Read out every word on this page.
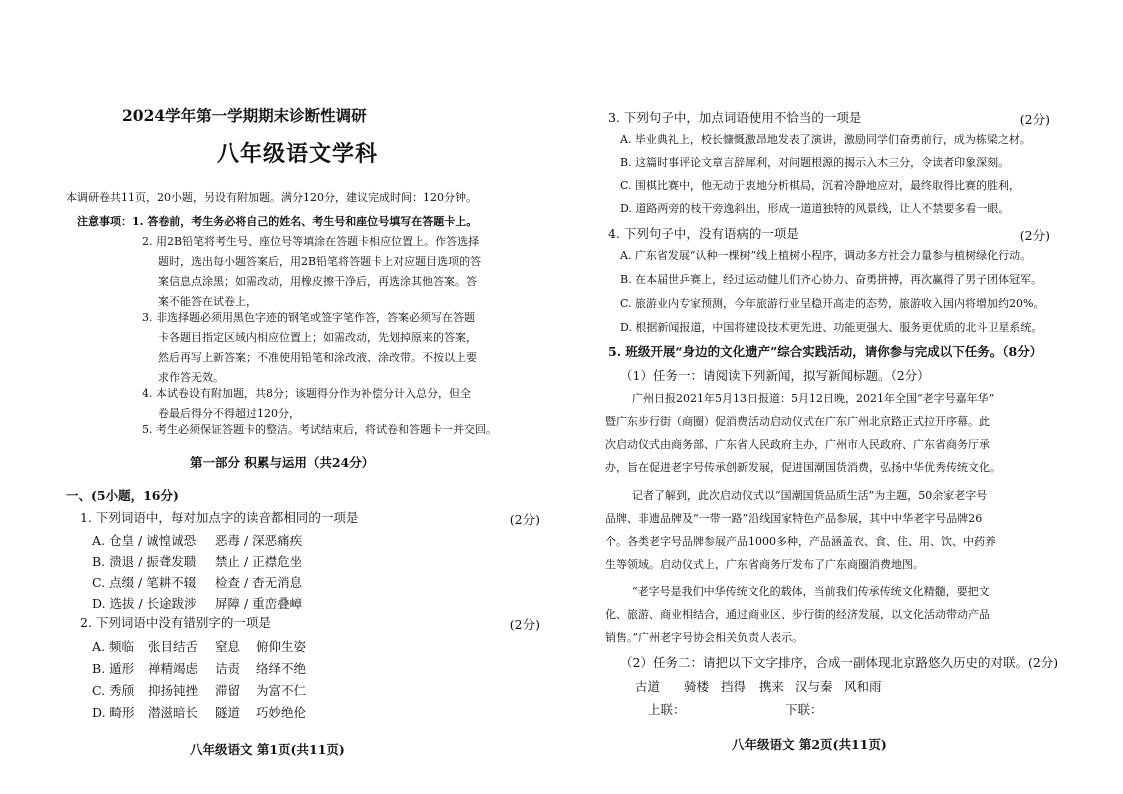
2024学年第一学期期末诊断性调研
八年级语文学科
本调研卷共11页，20小题，另设有附加题。满分120分，建议完成时间：120分钟。
注意事项：1. 答卷前，考生务必将自己的姓名、考生号和座位号填写在答题卡上。
2. 用2B铅笔将考生号、座位号等填涂在答题卡相应位置上。作答选择
题时，选出每小题答案后，用2B铅笔将答题卡上对应题目选项的答
案信息点涂黑；如需改动，用橡皮擦干净后，再选涂其他答案。答
案不能答在试卷上，
3. 非选择题必须用黑色字迹的钢笔或签字笔作答，答案必须写在答题
卡各题目指定区域内相应位置上；如需改动，先划掉原来的答案，
然后再写上新答案；不准使用铅笔和涂改液、涂改带。不按以上要
求作答无效。
4. 本试卷设有附加题，共8分；该题得分作为补偿分计入总分，但全
卷最后得分不得超过120分，
5. 考生必须保证答题卡的整洁。考试结束后，将试卷和答题卡一并交回。
第一部分 积累与运用（共24分）
一、(5小题，16分)
1. 下列词语中，每对加点字的读音都相同的一项是	(2分)
A. 仓皇 / 诚惶诚恐 恶毒 / 深恶痛疾
B. 溃退 / 振聋发聩 禁止 / 正襟危坐
C. 点缀 / 笔耕不辍 检查 / 杳无消息
D. 选拔 / 长途跋涉 屏障 / 重峦叠嶂
2. 下列词语中没有错别字的一项是	(2分)
A. 频临 张目结舌 窒息 俯仰生姿
B. 遁形 禅精竭虑 诘责 络绎不绝
C. 秀颀 抑扬钝挫 滞留 为富不仁
D. 畸形 潜滋暗长 隧道 巧妙绝伦
八年级语文 第1页(共11页)
3. 下列句子中，加点词语使用不恰当的一项是	(2分)
A. 毕业典礼上，校长慷慨激昂地发表了演讲，激励同学们奋勇前行，成为栋梁之材。
B. 这篇时事评论文章言辞犀利，对问题根源的揭示入木三分，令读者印象深刻。
C. 围棋比赛中，他无动于衷地分析棋局，沉着冷静地应对，最终取得比赛的胜利，
D. 道路两旁的枝干旁逸斜出，形成一道道独特的风景线，让人不禁要多看一眼。
4. 下列句子中，没有语病的一项是	(2分)
A. 广东省发展“认种一棵树”线上植树小程序，调动多方社会力量参与植树绿化行动。
B. 在本届世乒赛上，经过运动健儿们齐心协力、奋勇拼搏，再次赢得了男子团体冠军。
C. 旅游业内专家预测，今年旅游行业呈稳开高走的态势，旅游收入国内将增加约20%。
D. 根据新闻报道，中国将建设技术更先进、功能更强大、服务更优质的北斗卫星系统。
5. 班级开展“身边的文化遗产”综合实践活动，请你参与完成以下任务。（8分）
（1）任务一：请阅读下列新闻，拟写新闻标题。（2分）
广州日报2021年5月13日报道：5月12日晚，2021年全国“老字号嘉年华”
暨广东步行街（商圈）促消费活动启动仪式在广东广州北京路正式拉开序幕。此
次启动仪式由商务部、广东省人民政府主办，广州市人民政府、广东省商务厅承
办，旨在促进老字号传承创新发展，促进国潮国货消费，弘扬中华优秀传统文化。
记者了解到，此次启动仪式以“国潮国货品质生活”为主题，50余家老字号
品牌、非遗品牌及“一带一路”沿线国家特色产品参展，其中中华老字号品牌26
个。各类老字号品牌参展产品1000多种，产品涵盖衣、食、住、用、饮、中药养
生等领域。启动仪式上，广东省商务厅发布了广东商圈消费地图。
“老字号是我们中华传统文化的载体，当前我们传承传统文化精髓，要把文
化、旅游、商业相结合，通过商业区、步行街的经济发展，以文化活动带动产品
销售。”广州老字号协会相关负责人表示。
（2）任务二：请把以下文字排序，合成一副体现北京路悠久历史的对联。(2分)
古道 骑楼 挡得 携来 汉与秦 风和雨
上联：	下联：
八年级语文 第2页(共11页)
